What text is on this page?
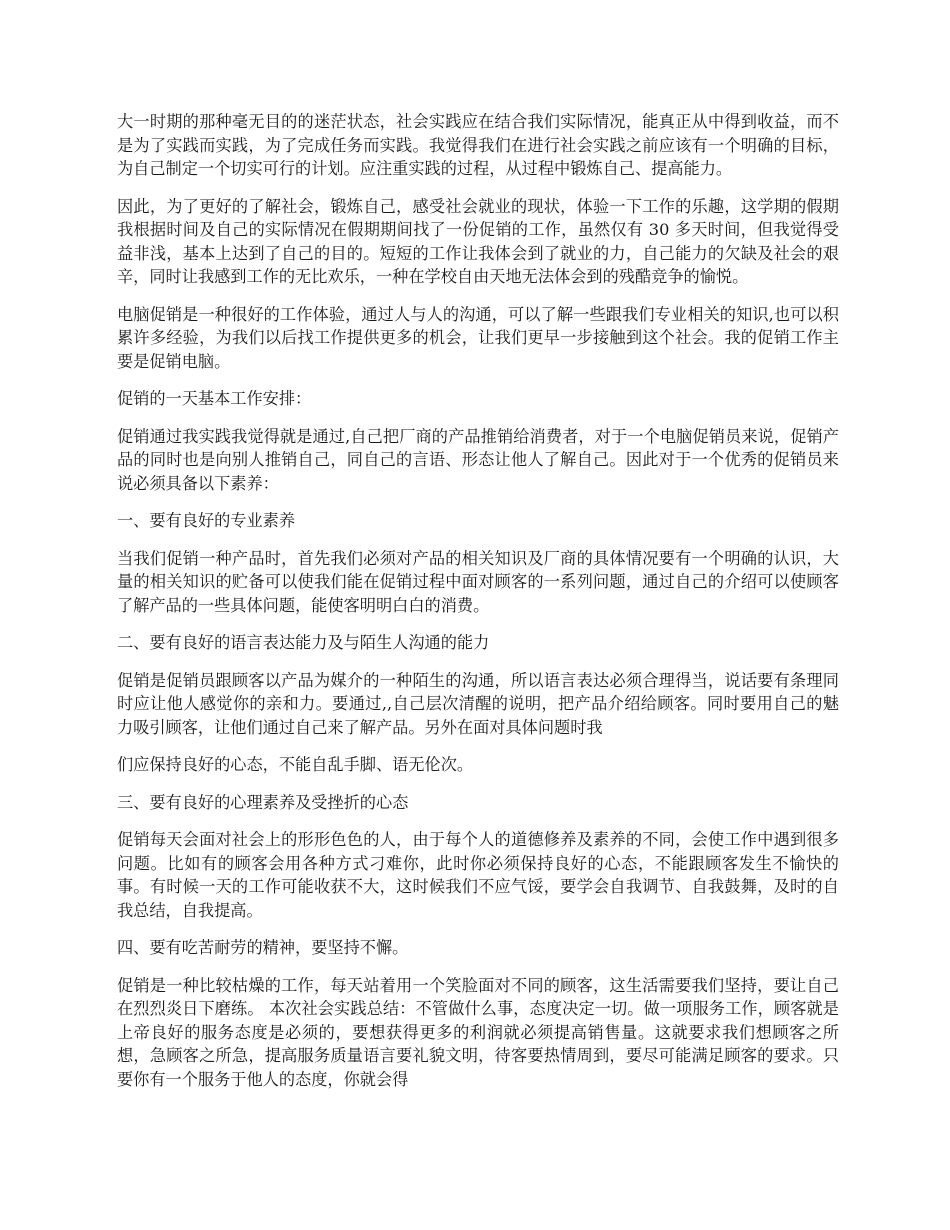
大一时期的那种毫无目的的迷茫状态，社会实践应在结合我们实际情况，能真正从中得到收益，而不是为了实践而实践，为了完成任务而实践。我觉得我们在进行社会实践之前应该有一个明确的目标，为自己制定一个切实可行的计划。应注重实践的过程，从过程中锻炼自己、提高能力。

因此，为了更好的了解社会，锻炼自己，感受社会就业的现状，体验一下工作的乐趣，这学期的假期我根据时间及自己的实际情况在假期期间找了一份促销的工作，虽然仅有 30 多天时间，但我觉得受益非浅，基本上达到了自己的目的。短短的工作让我体会到了就业的力，自己能力的欠缺及社会的艰辛，同时让我感到工作的无比欢乐，一种在学校自由天地无法体会到的残酷竞争的愉悦。

电脑促销是一种很好的工作体验，通过人与人的沟通，可以了解一些跟我们专业相关的知识,也可以积累许多经验，为我们以后找工作提供更多的机会，让我们更早一步接触到这个社会。我的促销工作主要是促销电脑。

促销的一天基本工作安排：

促销通过我实践我觉得就是通过,自己把厂商的产品推销给消费者，对于一个电脑促销员来说，促销产品的同时也是向别人推销自己，同自己的言语、形态让他人了解自己。因此对于一个优秀的促销员来说必须具备以下素养：

一、要有良好的专业素养

当我们促销一种产品时，首先我们必须对产品的相关知识及厂商的具体情况要有一个明确的认识，大量的相关知识的贮备可以使我们能在促销过程中面对顾客的一系列问题，通过自己的介绍可以使顾客了解产品的一些具体问题，能使客明明白白的消费。

二、要有良好的语言表达能力及与陌生人沟通的能力

促销是促销员跟顾客以产品为媒介的一种陌生的沟通，所以语言表达必须合理得当，说话要有条理同时应让他人感觉你的亲和力。要通过,,自己层次清醒的说明，把产品介绍给顾客。同时要用自己的魅力吸引顾客，让他们通过自己来了解产品。另外在面对具体问题时我

们应保持良好的心态，不能自乱手脚、语无伦次。

三、要有良好的心理素养及受挫折的心态

促销每天会面对社会上的形形色色的人，由于每个人的道德修养及素养的不同，会使工作中遇到很多问题。比如有的顾客会用各种方式刁难你，此时你必须保持良好的心态，不能跟顾客发生不愉快的事。有时候一天的工作可能收获不大，这时候我们不应气馁，要学会自我调节、自我鼓舞，及时的自我总结，自我提高。

四、要有吃苦耐劳的精神，要坚持不懈。

促销是一种比较枯燥的工作，每天站着用一个笑脸面对不同的顾客，这生活需要我们坚持，要让自己在烈烈炎日下磨练。 本次社会实践总结：不管做什么事，态度决定一切。做一项服务工作，顾客就是上帝良好的服务态度是必须的，要想获得更多的利润就必须提高销售量。这就要求我们想顾客之所想，急顾客之所急，提高服务质量语言要礼貌文明，待客要热情周到，要尽可能满足顾客的要求。只要你有一个服务于他人的态度，你就会得
